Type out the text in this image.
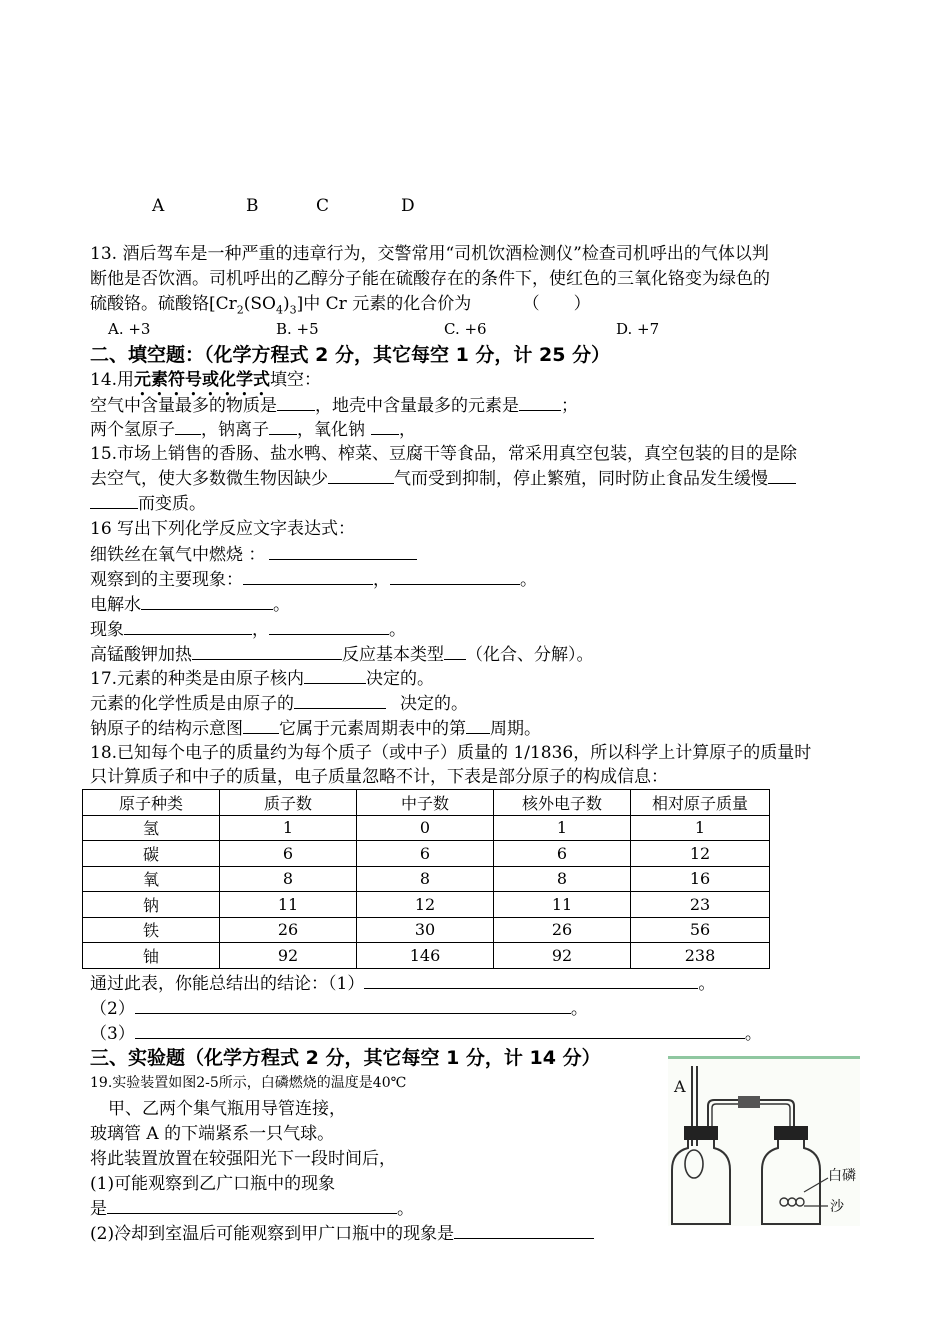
A	B	C	D
13. 酒后驾车是一种严重的违章行为，交警常用“司机饮酒检测仪”检查司机呼出的气体以判
断他是否饮酒。司机呼出的乙醇分子能在硫酸存在的条件下，使红色的三氧化铬变为绿色的
硫酸铬。硫酸铬$[Cr_2(SO_4)_3]$中 Cr 元素的化合价为	（　　）
A. +3	B. +5	C. +6	D. +7
二、填空题：（化学方程式 2 分，其它每空 1 分，计 25 分）
14.用元素符号或化学式填空：
空气中含量最多的物质是 ，地壳中含量最多的元素是 ；
两个氢原子 ，钠离子 ，氧化钠 ，
15.市场上销售的香肠、盐水鸭、榨菜、豆腐干等食品，常采用真空包装，真空包装的目的是除
去空气，使大多数微生物因缺少	气而受到抑制，停止繁殖，同时防止食品发生缓慢
而变质。
16 写出下列化学反应文字表达式：
细铁丝在氧气中燃烧 ：
观察到的主要现象：	，	。
电解水	。
现象	，	。
高锰酸钾加热	反应基本类型 （化合、分解）。
17.元素的种类是由原子核内	决定的。
元素的化学性质是由原子的	决定的。
钠原子的结构示意图 它属于元素周期表中的第 周期。
18.已知每个电子的质量约为每个质子（或中子）质量的 1/1836，所以科学上计算原子的质量时
只计算质子和中子的质量，电子质量忽略不计，下表是部分原子的构成信息：
原子种类	质子数	中子数	核外电子数	相对原子质量
氢	1	0	1	1
碳	6	6	6	12
氧	8	8	8	16
钠	11	12	11	23
铁	26	30	26	56
铀	92	146	92	238
通过此表，你能总结出的结论：（1）	。
（2）	。
（3）	。
三、实验题（化学方程式 2 分，其它每空 1 分，计 14 分）
19.实验装置如图2-5所示，白磷燃烧的温度是40℃
甲、乙两个集气瓶用导管连接，
玻璃管 A 的下端紧系一只气球。
将此装置放置在较强阳光下一段时间后，
(1)可能观察到乙广口瓶中的现象
是	。
(2)冷却到室温后可能观察到甲广口瓶中的现象是
A
白磷
沙
